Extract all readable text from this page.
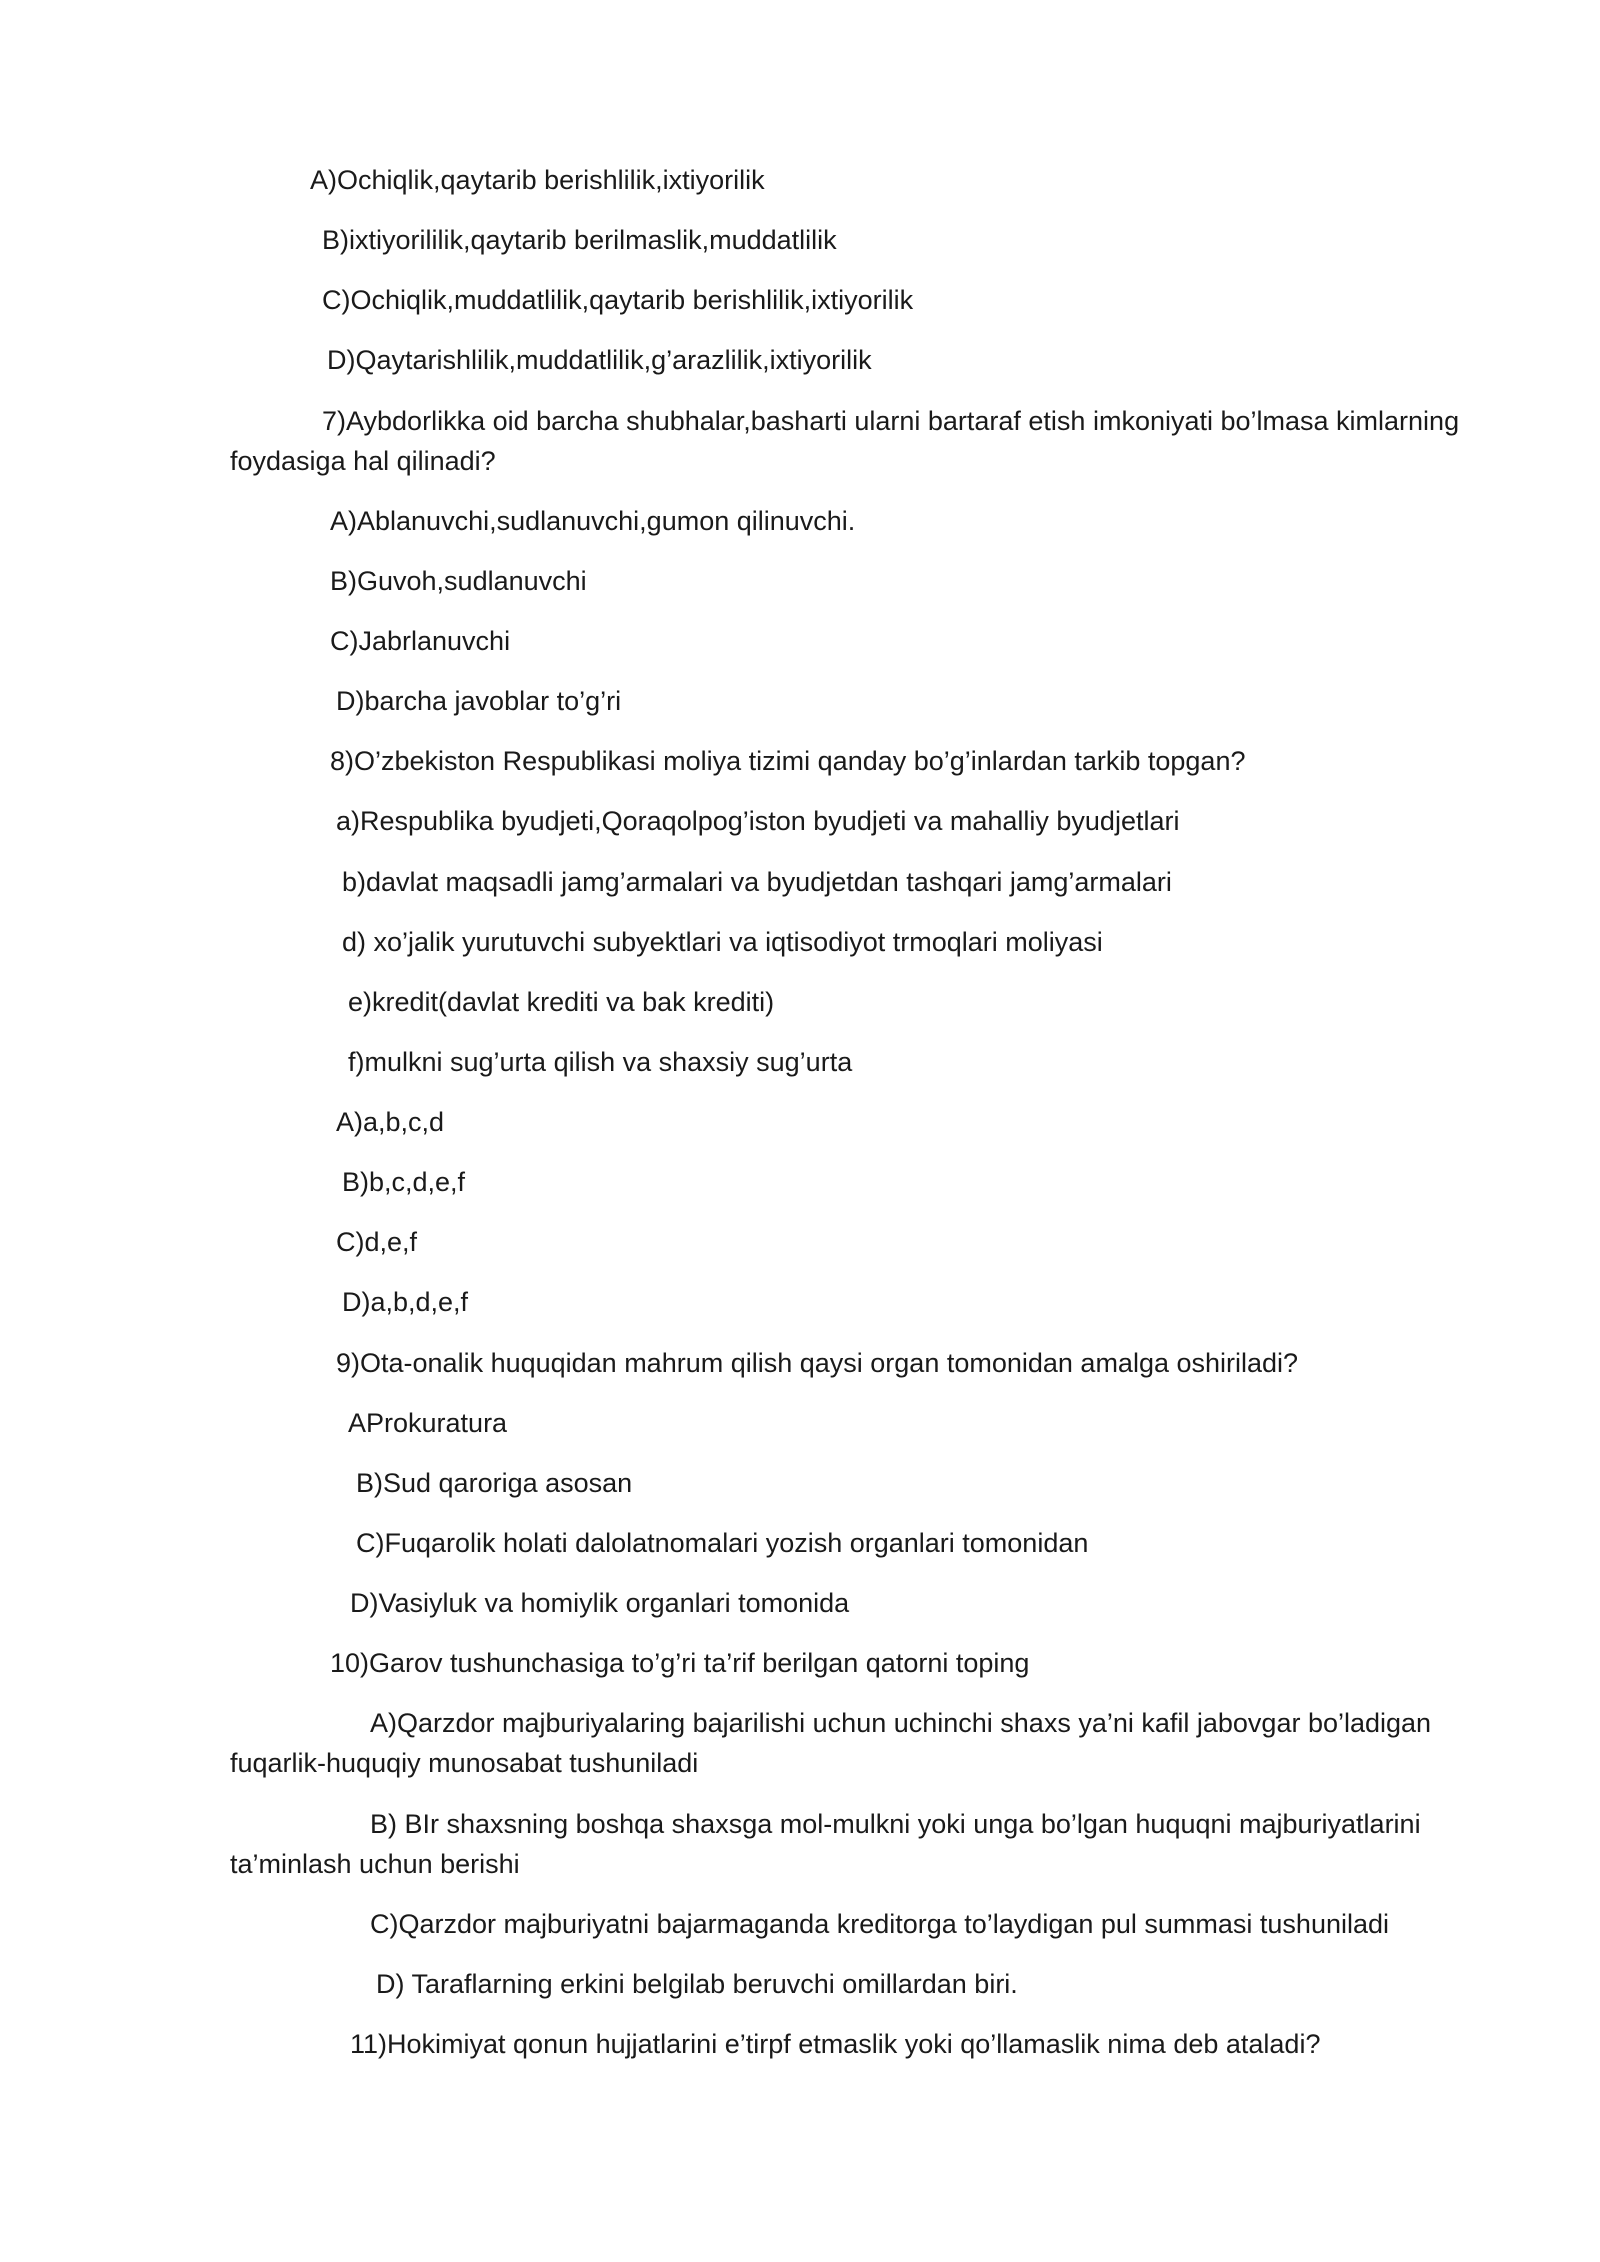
A)Ochiqlik,qaytarib berishlilik,ixtiyorilik

B)ixtiyorililik,qaytarib berilmaslik,muddatlilik

C)Ochiqlik,muddatlilik,qaytarib berishlilik,ixtiyorilik

D)Qaytarishlilik,muddatlilik,g’arazlilik,ixtiyorilik

7)Aybdorlikka oid barcha shubhalar,basharti ularni bartaraf etish imkoniyati bo’lmasa kimlarning

foydasiga hal qilinadi?

A)Ablanuvchi,sudlanuvchi,gumon qilinuvchi.

B)Guvoh,sudlanuvchi

C)Jabrlanuvchi

D)barcha javoblar to’g’ri

8)O’zbekiston Respublikasi moliya tizimi qanday bo’g’inlardan tarkib topgan?

a)Respublika byudjeti,Qoraqolpog’iston byudjeti va mahalliy byudjetlari

b)davlat maqsadli jamg’armalari va byudjetdan tashqari jamg’armalari

d) xo’jalik yurutuvchi subyektlari va iqtisodiyot trmoqlari moliyasi

e)kredit(davlat krediti va bak krediti)

f)mulkni sug’urta qilish va shaxsiy sug’urta

A)a,b,c,d

B)b,c,d,e,f

C)d,e,f

D)a,b,d,e,f

9)Ota-onalik huquqidan mahrum qilish qaysi organ tomonidan amalga oshiriladi?

AProkuratura

B)Sud qaroriga asosan

C)Fuqarolik holati dalolatnomalari yozish organlari tomonidan

D)Vasiyluk va homiylik organlari tomonida

10)Garov tushunchasiga to’g’ri ta’rif berilgan qatorni toping

A)Qarzdor majburiyalaring bajarilishi uchun uchinchi shaxs ya’ni kafil jabovgar bo’ladigan

fuqarlik-huquqiy munosabat tushuniladi

B) BIr shaxsning boshqa shaxsga mol-mulkni yoki unga bo’lgan huquqni majburiyatlarini

ta’minlash uchun berishi

C)Qarzdor majburiyatni bajarmaganda kreditorga to’laydigan pul summasi tushuniladi

D) Taraflarning erkini belgilab beruvchi omillardan biri.

11)Hokimiyat qonun hujjatlarini e’tirpf etmaslik yoki qo’llamaslik nima deb ataladi?
